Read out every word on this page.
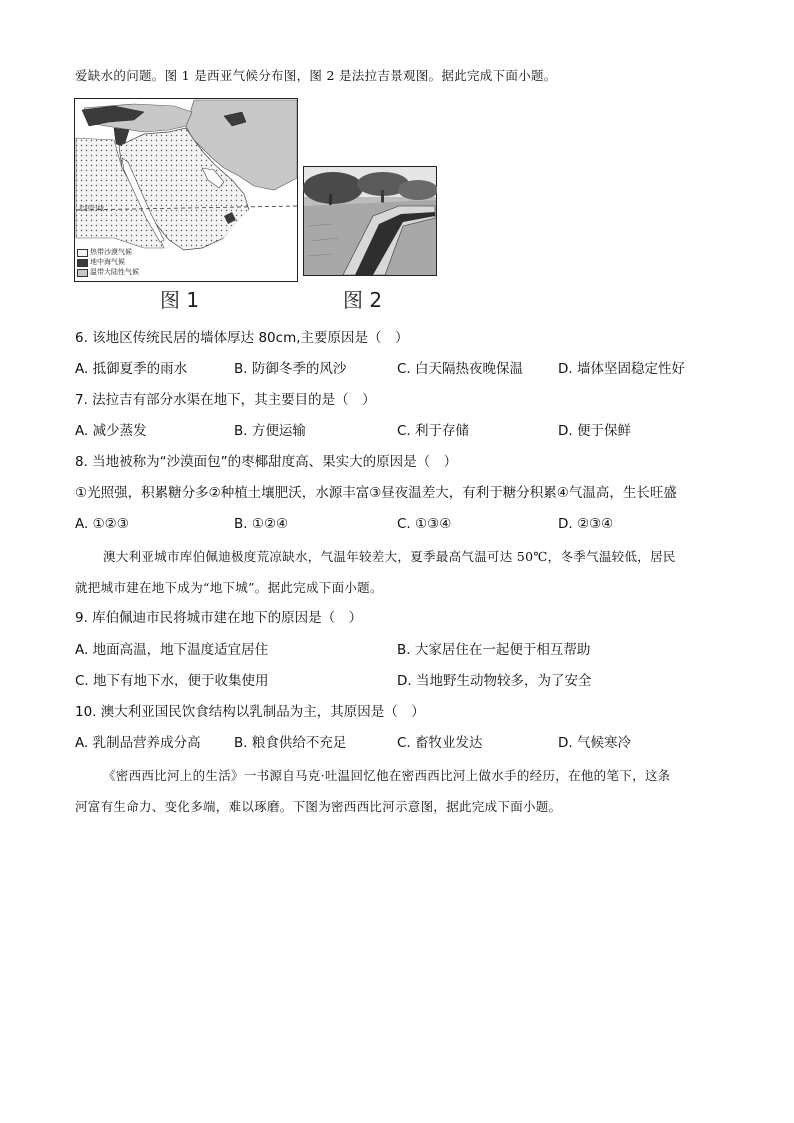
爱缺水的问题。图 1 是西亚气候分布图，图 2 是法拉吉景观图。据此完成下面小题。
北回归线
热带沙漠气候
地中海气候
温带大陆性气候
图 1	图 2
6. 该地区传统民居的墙体厚达 80cm,主要原因是（　）
A. 抵御夏季的雨水	B. 防御冬季的风沙	C. 白天隔热夜晚保温	D. 墙体坚固稳定性好
7. 法拉吉有部分水渠在地下，其主要目的是（　）
A. 减少蒸发	B. 方便运输	C. 利于存储	D. 便于保鲜
8. 当地被称为“沙漠面包”的枣椰甜度高、果实大的原因是（　）
①光照强，积累糖分多②种植土壤肥沃，水源丰富③昼夜温差大，有利于糖分积累④气温高，生长旺盛
A. ①②③	B. ①②④	C. ①③④	D. ②③④
澳大利亚城市库伯佩迪极度荒凉缺水，气温年较差大，夏季最高气温可达 50℃，冬季气温较低，居民
就把城市建在地下成为“地下城”。据此完成下面小题。
9. 库伯佩迪市民将城市建在地下的原因是（　）
A. 地面高温，地下温度适宜居住	B. 大家居住在一起便于相互帮助
C. 地下有地下水，便于收集使用	D. 当地野生动物较多，为了安全
10. 澳大利亚国民饮食结构以乳制品为主，其原因是（　）
A. 乳制品营养成分高 B. 粮食供给不充足	C. 畜牧业发达	D. 气候寒冷
《密西西比河上的生活》一书源自马克·吐温回忆他在密西西比河上做水手的经历，在他的笔下，这条
河富有生命力、变化多端，难以琢磨。下图为密西西比河示意图，据此完成下面小题。
